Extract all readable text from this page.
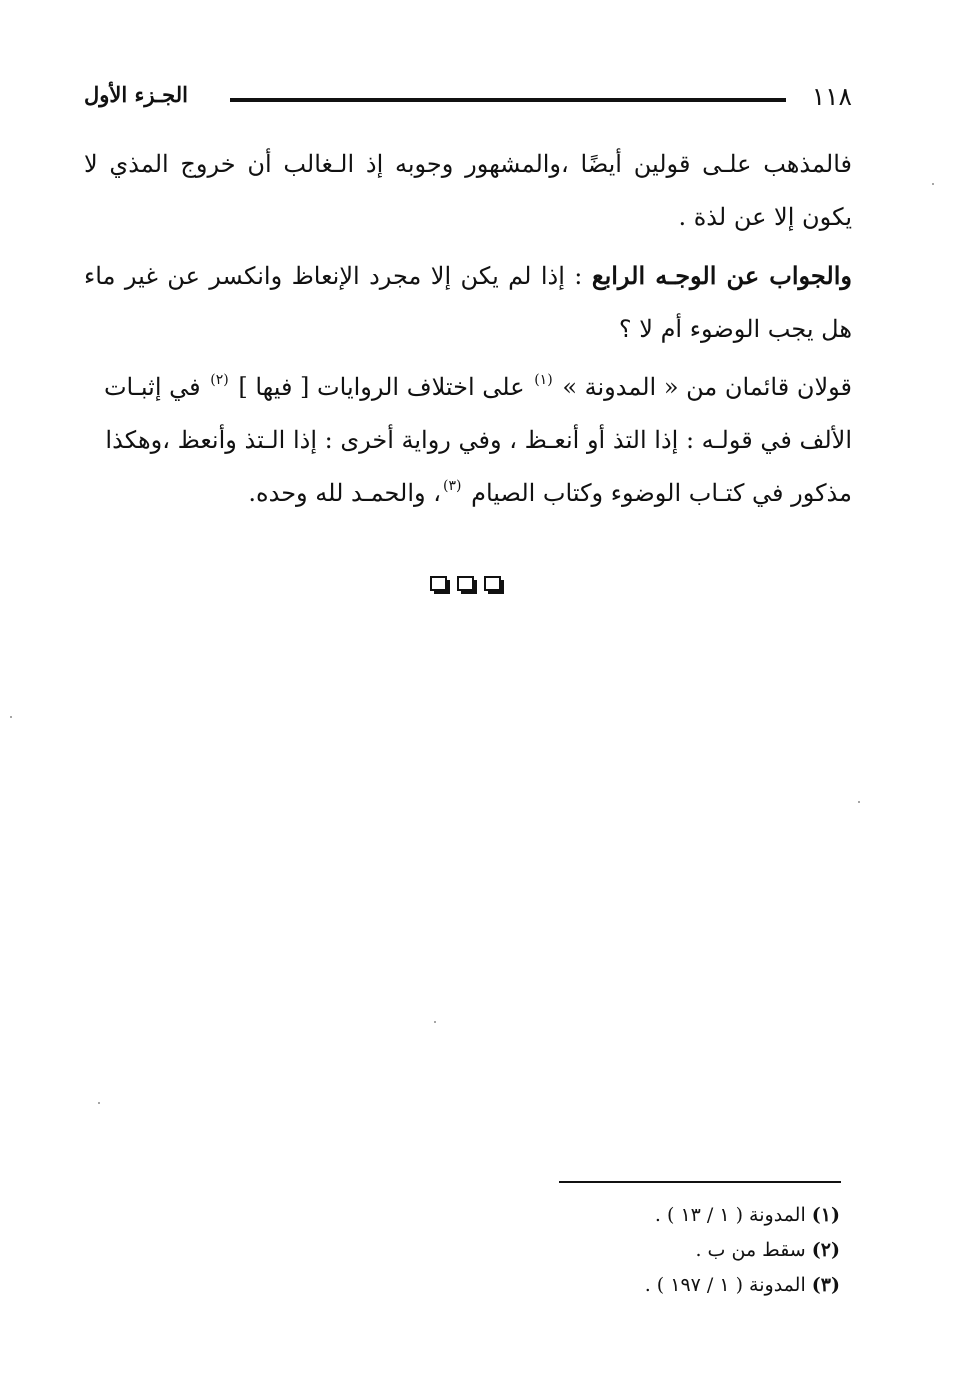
١١٨
الجـزء الأول

فالمذهب علـى قولين أيضًا ،والمشهور وجوبه إذ الـغالب أن خروج المذي لا يكون إلا عن لذة .

والجواب عن الوجـه الرابع : إذا لم يكن إلا مجرد الإنعاظ وانكسر عن غير ماء هل يجب الوضوء أم لا ؟

قولان قائمان من « المدونة » $^{(١)}$ على اختلاف الروايات [ فيها ] $^{(٢)}$ في إثبـات الألف في قولـه : إذا التذ أو أنعـظ ، وفي رواية أخرى : إذا الـتذ وأنعظ ،وهكذا مذكور في كتـاب الوضوء وكتاب الصيام $^{(٣)}$، والحمـد لله وحده.

(١) المدونة ( ١ / ١٣ ) .

(٢) سقط من ب .

(٣) المدونة ( ١ / ١٩٧ ) .
